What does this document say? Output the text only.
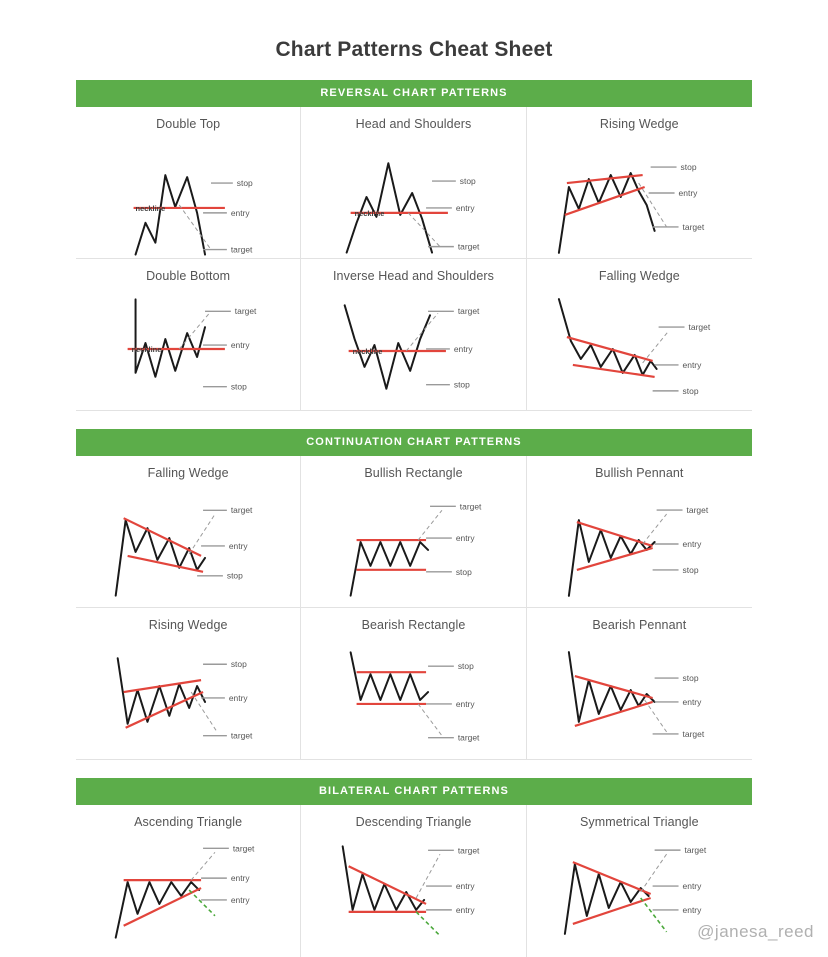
Chart Patterns Cheat Sheet
REVERSAL CHART PATTERNS
Double Top
stop
entry
target
neckline
Head and Shoulders
stop
entry
target
neckline
Rising Wedge
stop
entry
target
Double Bottom
target
entry
stop
neckline
Inverse Head and Shoulders
target
entry
stop
neckline
Falling Wedge
target
entry
stop
CONTINUATION CHART PATTERNS
Falling Wedge
target
entry
stop
Bullish Rectangle
target
entry
stop
Bullish Pennant
target
entry
stop
Rising Wedge
stop
entry
target
Bearish Rectangle
stop
entry
target
Bearish Pennant
stop
entry
target
BILATERAL CHART PATTERNS
Ascending Triangle
target
entry
entry
Descending Triangle
target
entry
entry
Symmetrical Triangle
target
entry
entry
@janesa_reed
